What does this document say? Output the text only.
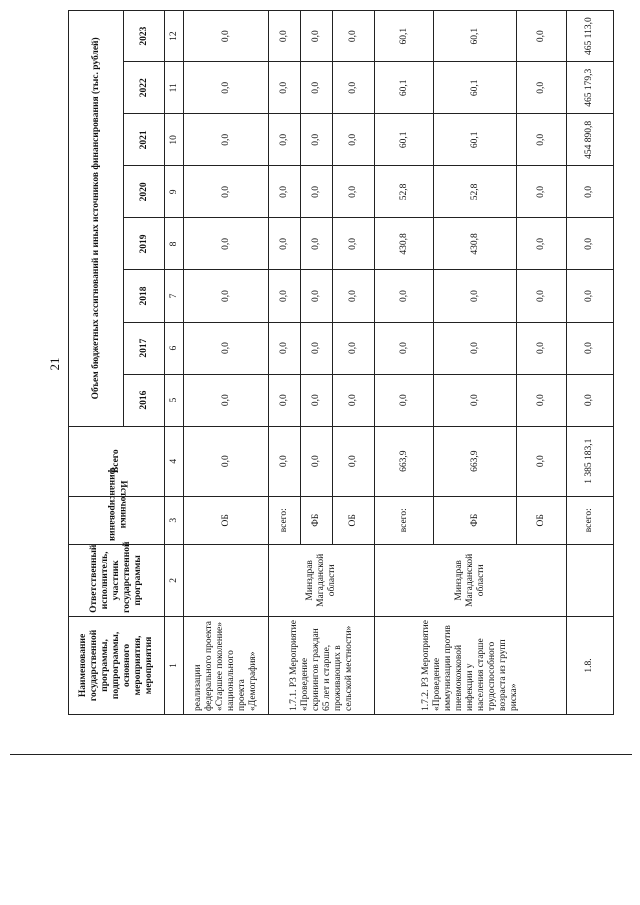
21
Наименование государственной программы, подпрограммы, основного мероприятия, мероприятия	Ответственный исполнитель, участник государственной программы	Источники финансирования	Всего	Объем бюджетных ассигнований и иных источников финансирования (тыс. рублей)							
				2016	2017	2018	2019	2020	2021	2022	2023
1	2	3	4	5	6	7	8	9	10	11	12
реализации федерального проекта «Старшее поколение» национального проекта «Демография»		ОБ	0,0	0,0	0,0	0,0	0,0	0,0	0,0	0,0	0,0
1.7.1. Р3 Мероприятие «Проведение скринингов граждан 65 лет и старше, проживающих в сельской местности»	Минздрав Магаданской области	всего:	0,0	0,0	0,0	0,0	0,0	0,0	0,0	0,0	0,0
		ФБ	0,0	0,0	0,0	0,0	0,0	0,0	0,0	0,0	0,0
		ОБ	0,0	0,0	0,0	0,0	0,0	0,0	0,0	0,0	0,0
1.7.2. Р3 Мероприятие «Проведение иммунизации против пневмококковой инфекции у населения старше трудоспособного возраста из групп риска»	Минздрав Магаданской области	всего:	663,9	0,0	0,0	0,0	430,8	52,8	60,1	60,1	60,1
		ФБ	663,9	0,0	0,0	0,0	430,8	52,8	60,1	60,1	60,1
		ОБ	0,0	0,0	0,0	0,0	0,0	0,0	0,0	0,0	0,0
1.8.		всего:	1 385 183,1	0,0	0,0	0,0	0,0	0,0	454 890,8	465 179,3	465 113,0
